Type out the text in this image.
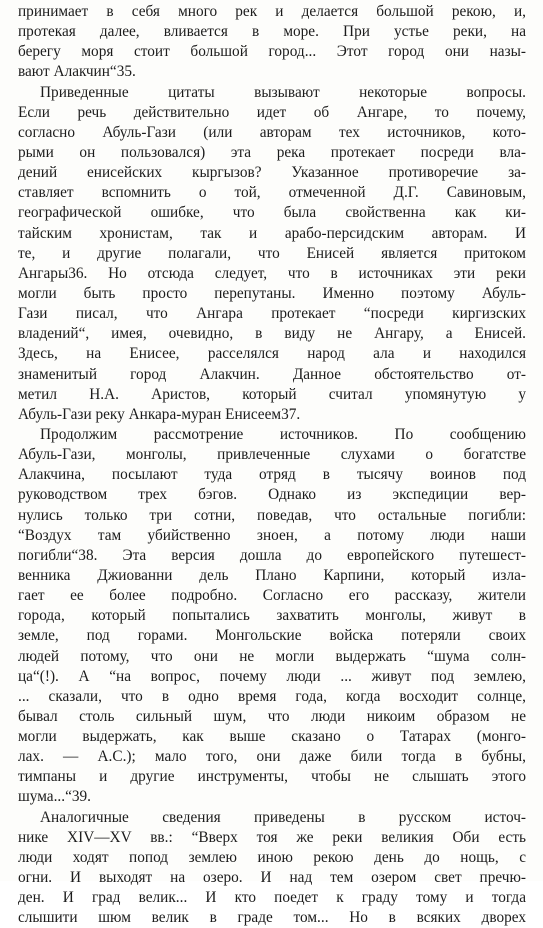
принимает в себя много рек и делается большой рекою, и,
протекая далее, вливается в море. При устье реки, на
берегу моря стоит большой город... Этот город они назы-
вают Алакчин“35.
Приведенные цитаты вызывают некоторые вопросы.
Если речь действительно идет об Ангаре, то почему,
согласно Абуль-Гази (или авторам тех источников, кото-
рыми он пользовался) эта река протекает посреди вла-
дений енисейских кыргызов? Указанное противоречие за-
ставляет вспомнить о той, отмеченной Д.Г. Савиновым,
географической ошибке, что была свойственна как ки-
тайским хронистам, так и арабо-персидским авторам. И
те, и другие полагали, что Енисей является притоком
Ангары36. Но отсюда следует, что в источниках эти реки
могли быть просто перепутаны. Именно поэтому Абуль-
Гази писал, что Ангара протекает “посреди киргизских
владений“, имея, очевидно, в виду не Ангару, а Енисей.
Здесь, на Енисее, расселялся народ ала и находился
знаменитый город Алакчин. Данное обстоятельство от-
метил Н.А. Аристов, который считал упомянутую у
Абуль-Гази реку Анкара-муран Енисеем37.
Продолжим рассмотрение источников. По сообщению
Абуль-Гази, монголы, привлеченные слухами о богатстве
Алакчина, посылают туда отряд в тысячу воинов под
руководством трех бэгов. Однако из экспедиции вер-
нулись только три сотни, поведав, что остальные погибли:
“Воздух там убийственно зноен, а потому люди наши
погибли“38. Эта версия дошла до европейского путешест-
венника Джиованни дель Плано Карпини, который изла-
гает ее более подробно. Согласно его рассказу, жители
города, который попытались захватить монголы, живут в
земле, под горами. Монгольские войска потеряли своих
людей потому, что они не могли выдержать “шума солн-
ца“(!). А “на вопрос, почему люди ... живут под землею,
... сказали, что в одно время года, когда восходит солнце,
бывал столь сильный шум, что люди никоим образом не
могли выдержать, как выше сказано о Татарах (монго-
лах. — А.С.); мало того, они даже били тогда в бубны,
тимпаны и другие инструменты, чтобы не слышать этого
шума...“39.
Аналогичные сведения приведены в русском источ-
нике XIV—XV вв.: “Вверх тоя же реки великия Оби есть
люди ходят попод землею иною рекою день до нощь, с
огни. И выходят на озеро. И над тем озером свет пречю-
ден. И град велик... И кто поедет к граду тому и тогда
слышити шюм велик в граде том... Но в всяких дворех
